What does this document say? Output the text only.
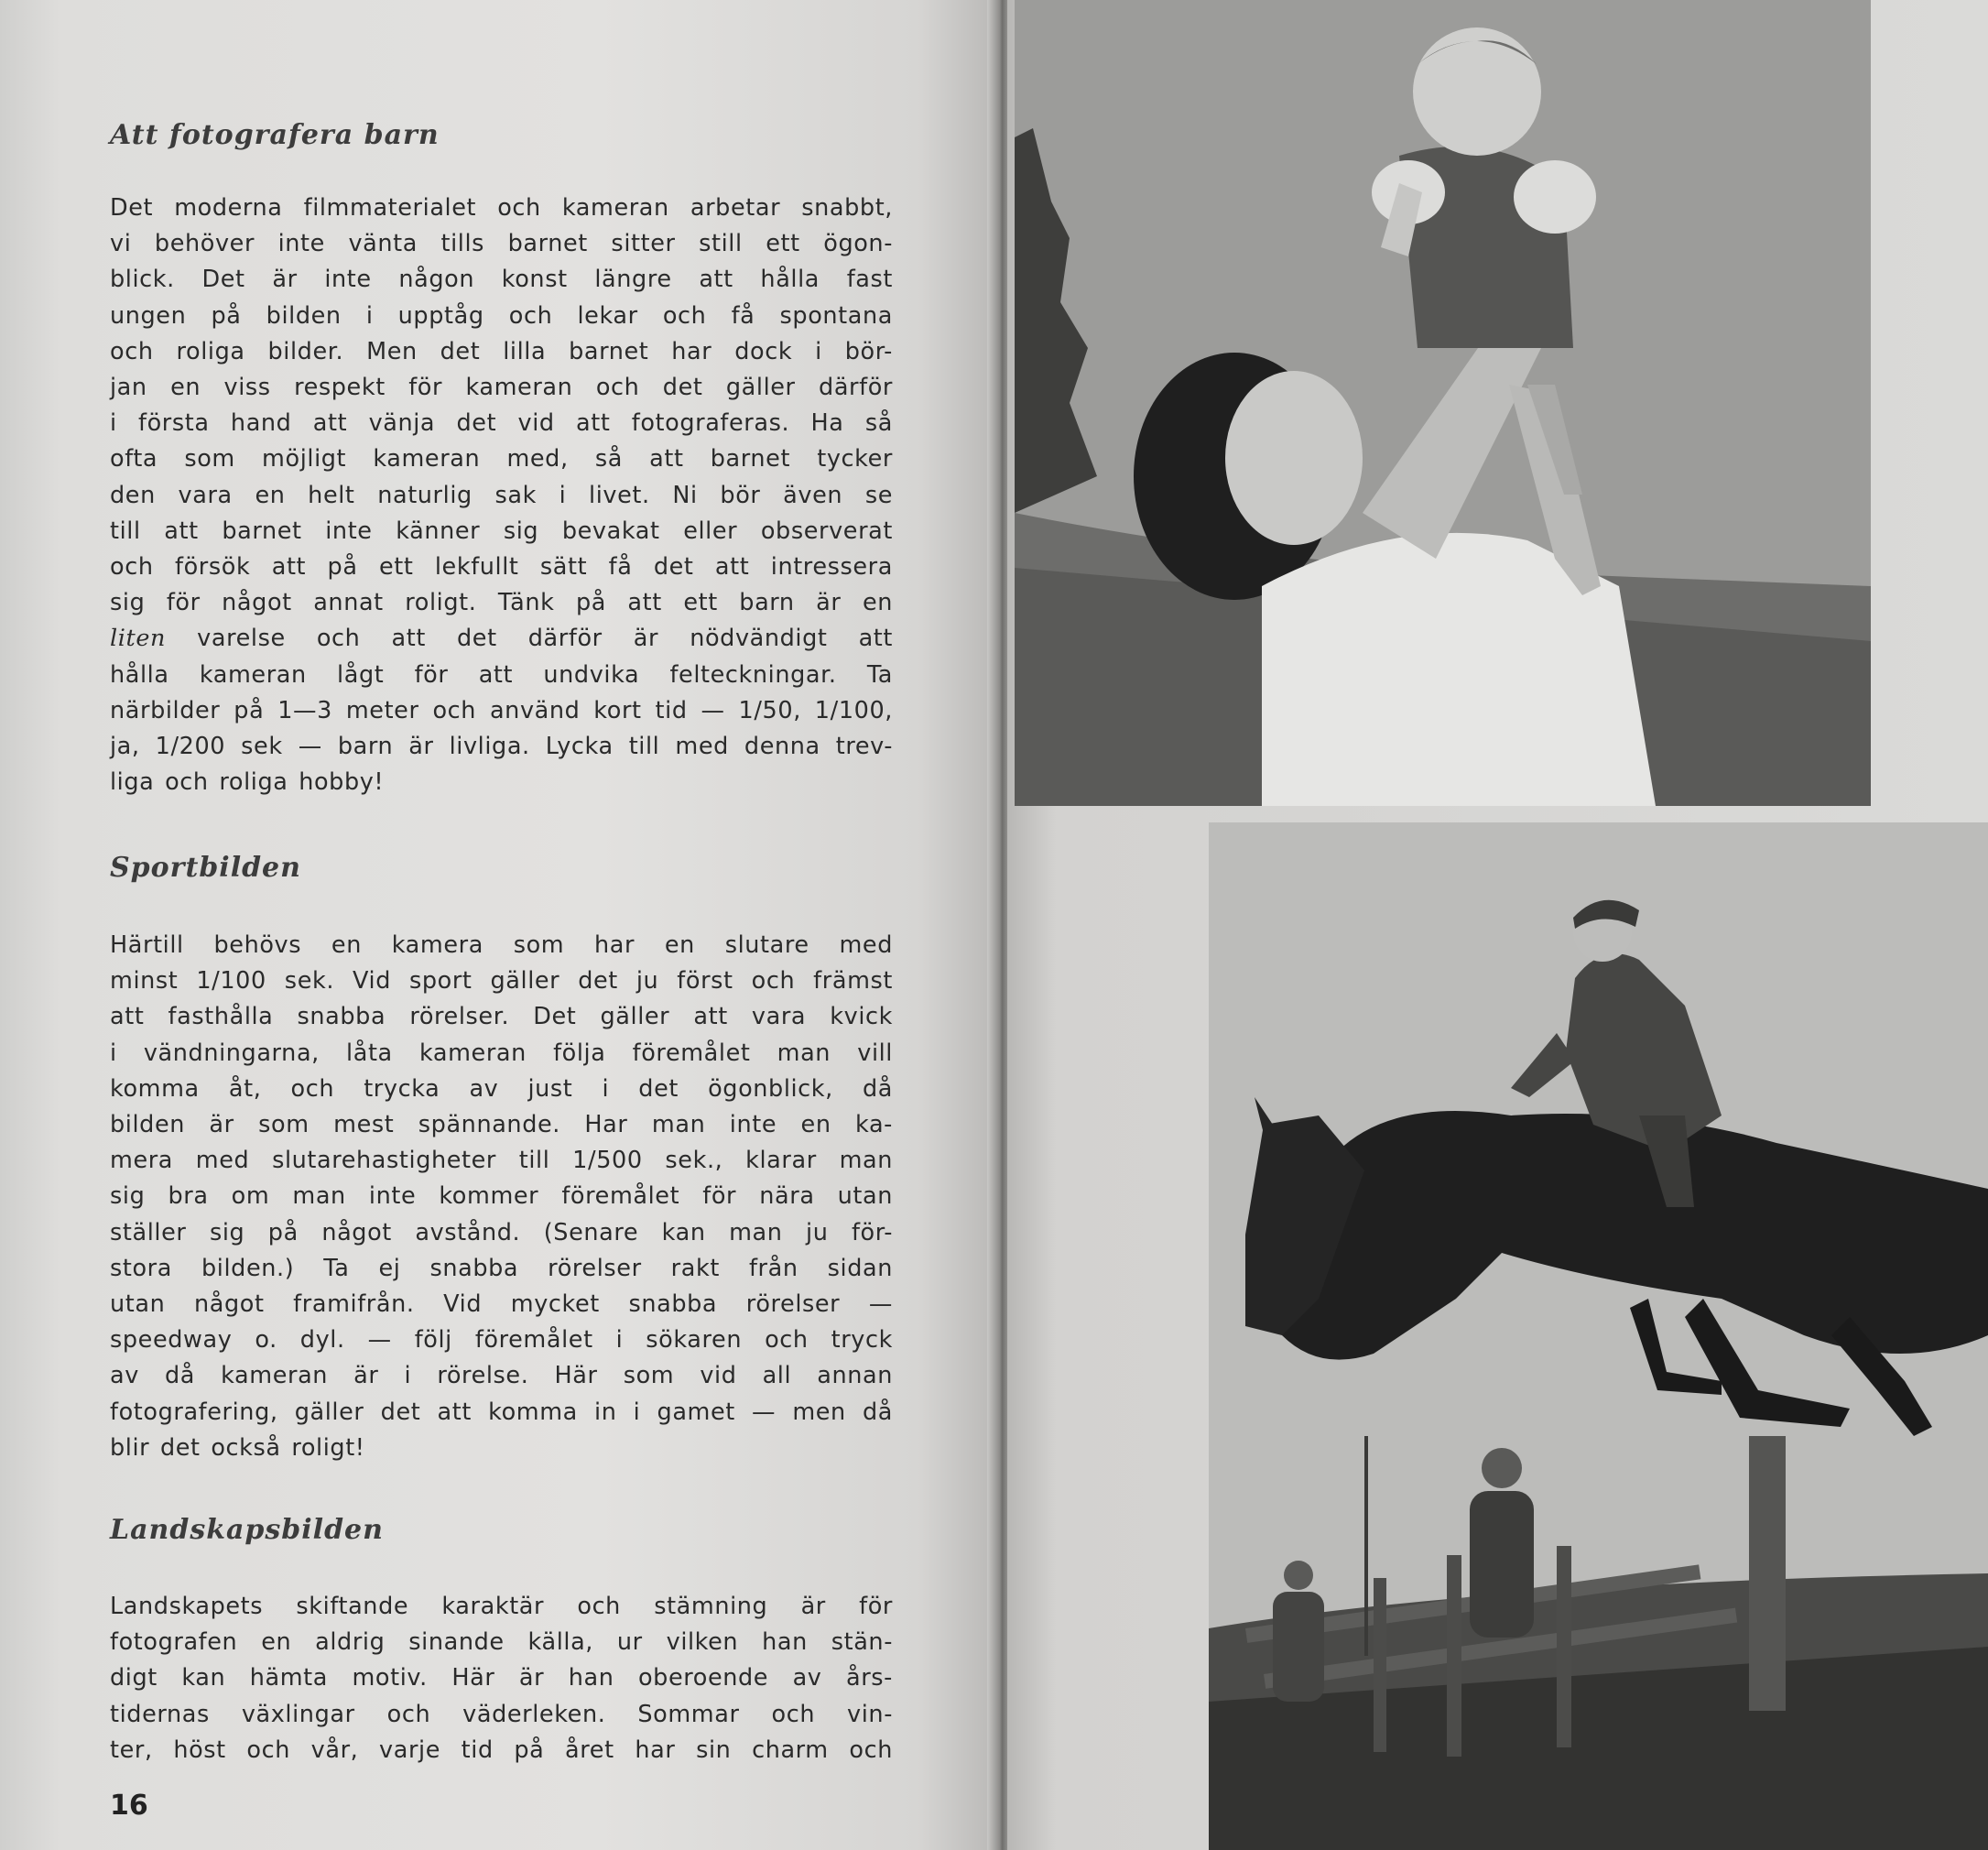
Att fotografera barn

Det moderna filmmaterialet och kameran arbetar snabbt,
vi behöver inte vänta tills barnet sitter still ett ögon-
blick. Det är inte någon konst längre att hålla fast
ungen på bilden i upptåg och lekar och få spontana
och roliga bilder. Men det lilla barnet har dock i bör-
jan en viss respekt för kameran och det gäller därför
i första hand att vänja det vid att fotograferas. Ha så
ofta som möjligt kameran med, så att barnet tycker
den vara en helt naturlig sak i livet. Ni bör även se
till att barnet inte känner sig bevakat eller observerat
och försök att på ett lekfullt sätt få det att intressera
sig för något annat roligt. Tänk på att ett barn är en
liten varelse och att det därför är nödvändigt att
hålla kameran lågt för att undvika felteckningar. Ta
närbilder på 1—3 meter och använd kort tid — 1/50, 1/100,
ja, 1/200 sek — barn är livliga. Lycka till med denna trev-
liga och roliga hobby!

Sportbilden

Härtill behövs en kamera som har en slutare med
minst 1/100 sek. Vid sport gäller det ju först och främst
att fasthålla snabba rörelser. Det gäller att vara kvick
i vändningarna, låta kameran följa föremålet man vill
komma åt, och trycka av just i det ögonblick, då
bilden är som mest spännande. Har man inte en ka-
mera med slutarehastigheter till 1/500 sek., klarar man
sig bra om man inte kommer föremålet för nära utan
ställer sig på något avstånd. (Senare kan man ju för-
stora bilden.) Ta ej snabba rörelser rakt från sidan
utan något framifrån. Vid mycket snabba rörelser —
speedway o. dyl. — följ föremålet i sökaren och tryck
av då kameran är i rörelse. Här som vid all annan
fotografering, gäller det att komma in i gamet — men då
blir det också roligt!

Landskapsbilden

Landskapets skiftande karaktär och stämning är för
fotografen en aldrig sinande källa, ur vilken han stän-
digt kan hämta motiv. Här är han oberoende av års-
tidernas växlingar och väderleken. Sommar och vin-
ter, höst och vår, varje tid på året har sin charm och

16
